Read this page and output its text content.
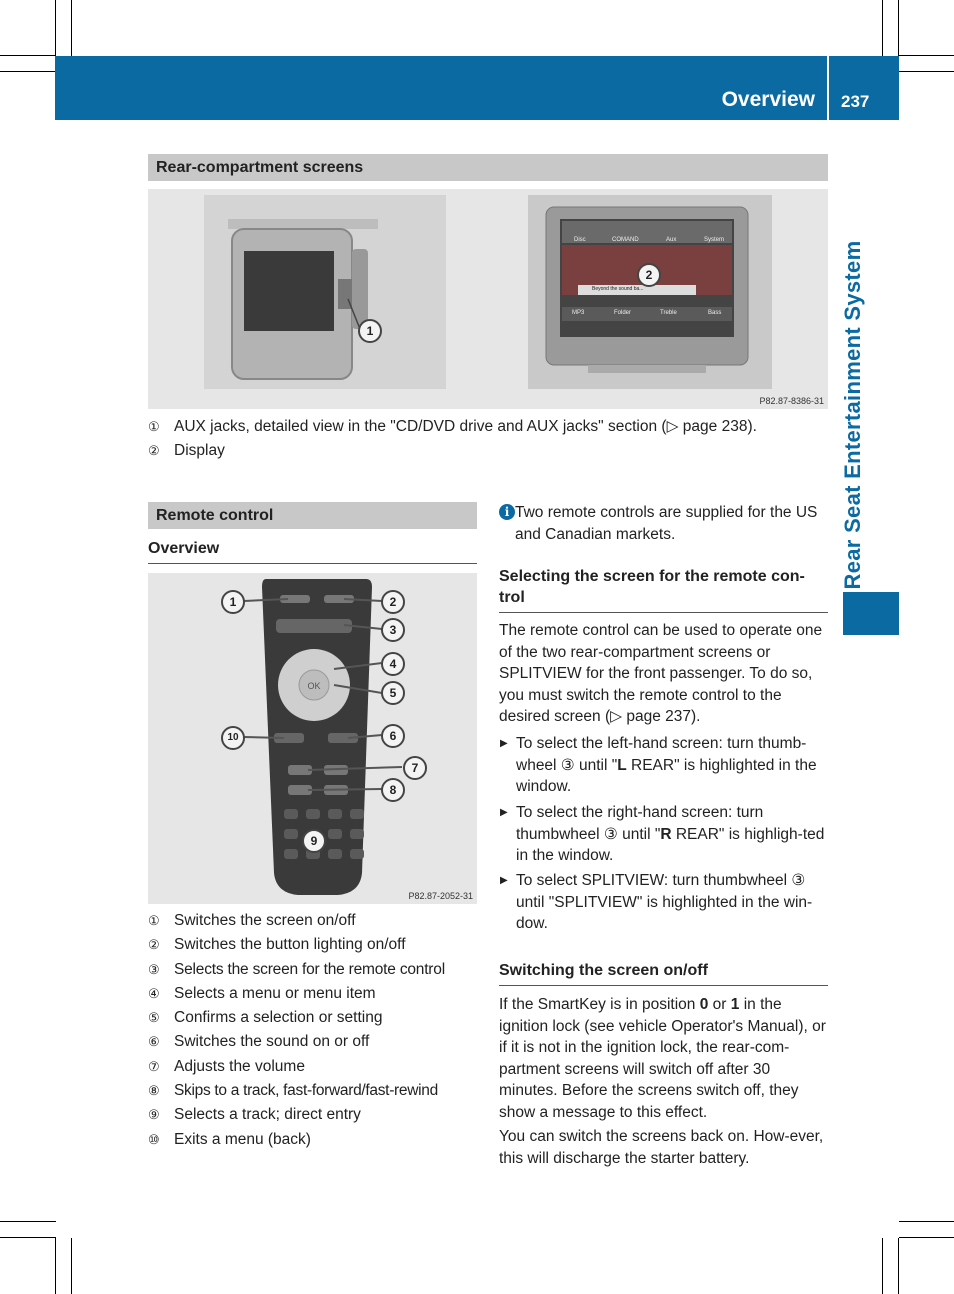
Overview 237
Rear Seat Entertainment System
Rear-compartment screens
Disc	COMAND	Aux	System
Beyond the sound ba...
MP3	Folder	Treble	Bass
1
2
P82.87-8386-31
① AUX jacks, detailed view in the "CD/DVD drive and AUX jacks" section (▷ page 238).
② Display
Remote control
Overview
OK
1	2
3
4
5
6
7
8
9
10
P82.87-2052-31
① Switches the screen on/off
② Switches the button lighting on/off
③ Selects the screen for the remote control
④ Selects a menu or menu item
⑤ Confirms a selection or setting
⑥ Switches the sound on or off
⑦ Adjusts the volume
⑧ Skips to a track, fast-forward/fast-rewind
⑨ Selects a track; direct entry
⑩ Exits a menu (back)
i Two remote controls are supplied for the US and Canadian markets.
Selecting the screen for the remote con-trol
The remote control can be used to operate one of the two rear-compartment screens or SPLITVIEW for the front passenger. To do so, you must switch the remote control to the desired screen (▷ page 237).
▶ To select the left-hand screen: turn thumb-wheel ③ until "L REAR" is highlighted in the window.
▶ To select the right-hand screen: turn thumbwheel ③ until "R REAR" is highligh-ted in the window.
▶ To select SPLITVIEW: turn thumbwheel ③ until "SPLITVIEW" is highlighted in the win-dow.
Switching the screen on/off
If the SmartKey is in position 0 or 1 in the ignition lock (see vehicle Operator's Manual), or if it is not in the ignition lock, the rear-com-partment screens will switch off after 30 minutes. Before the screens switch off, they show a message to this effect.
You can switch the screens back on. How-ever, this will discharge the starter battery.
